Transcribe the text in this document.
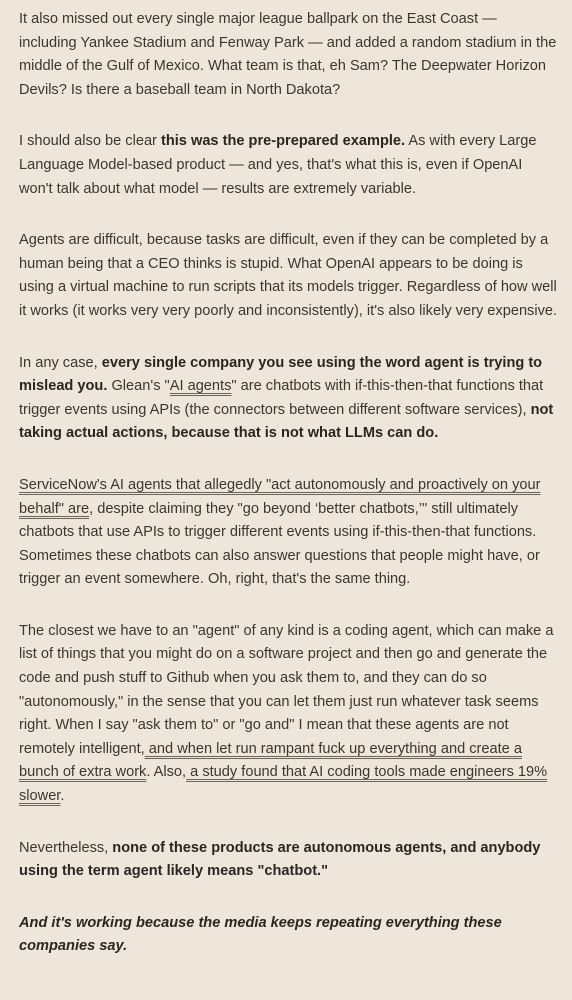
It also missed out every single major league ballpark on the East Coast — including Yankee Stadium and Fenway Park — and added a random stadium in the middle of the Gulf of Mexico. What team is that, eh Sam? The Deepwater Horizon Devils? Is there a baseball team in North Dakota?

I should also be clear this was the pre-prepared example. As with every Large Language Model-based product — and yes, that's what this is, even if OpenAI won't talk about what model — results are extremely variable.

Agents are difficult, because tasks are difficult, even if they can be completed by a human being that a CEO thinks is stupid. What OpenAI appears to be doing is using a virtual machine to run scripts that its models trigger. Regardless of how well it works (it works very very poorly and inconsistently), it's also likely very expensive.

In any case, every single company you see using the word agent is trying to mislead you. Glean's "AI agents" are chatbots with if-this-then-that functions that trigger events using APIs (the connectors between different software services), not taking actual actions, because that is not what LLMs can do.

ServiceNow's AI agents that allegedly "act autonomously and proactively on your behalf" are, despite claiming they "go beyond ‘better chatbots,’" still ultimately chatbots that use APIs to trigger different events using if-this-then-that functions. Sometimes these chatbots can also answer questions that people might have, or trigger an event somewhere. Oh, right, that's the same thing.

The closest we have to an "agent" of any kind is a coding agent, which can make a list of things that you might do on a software project and then go and generate the code and push stuff to Github when you ask them to, and they can do so "autonomously," in the sense that you can let them just run whatever task seems right. When I say "ask them to" or "go and" I mean that these agents are not remotely intelligent, and when let run rampant fuck up everything and create a bunch of extra work. Also, a study found that AI coding tools made engineers 19% slower.

Nevertheless, none of these products are autonomous agents, and anybody using the term agent likely means "chatbot."

And it's working because the media keeps repeating everything these companies say.
